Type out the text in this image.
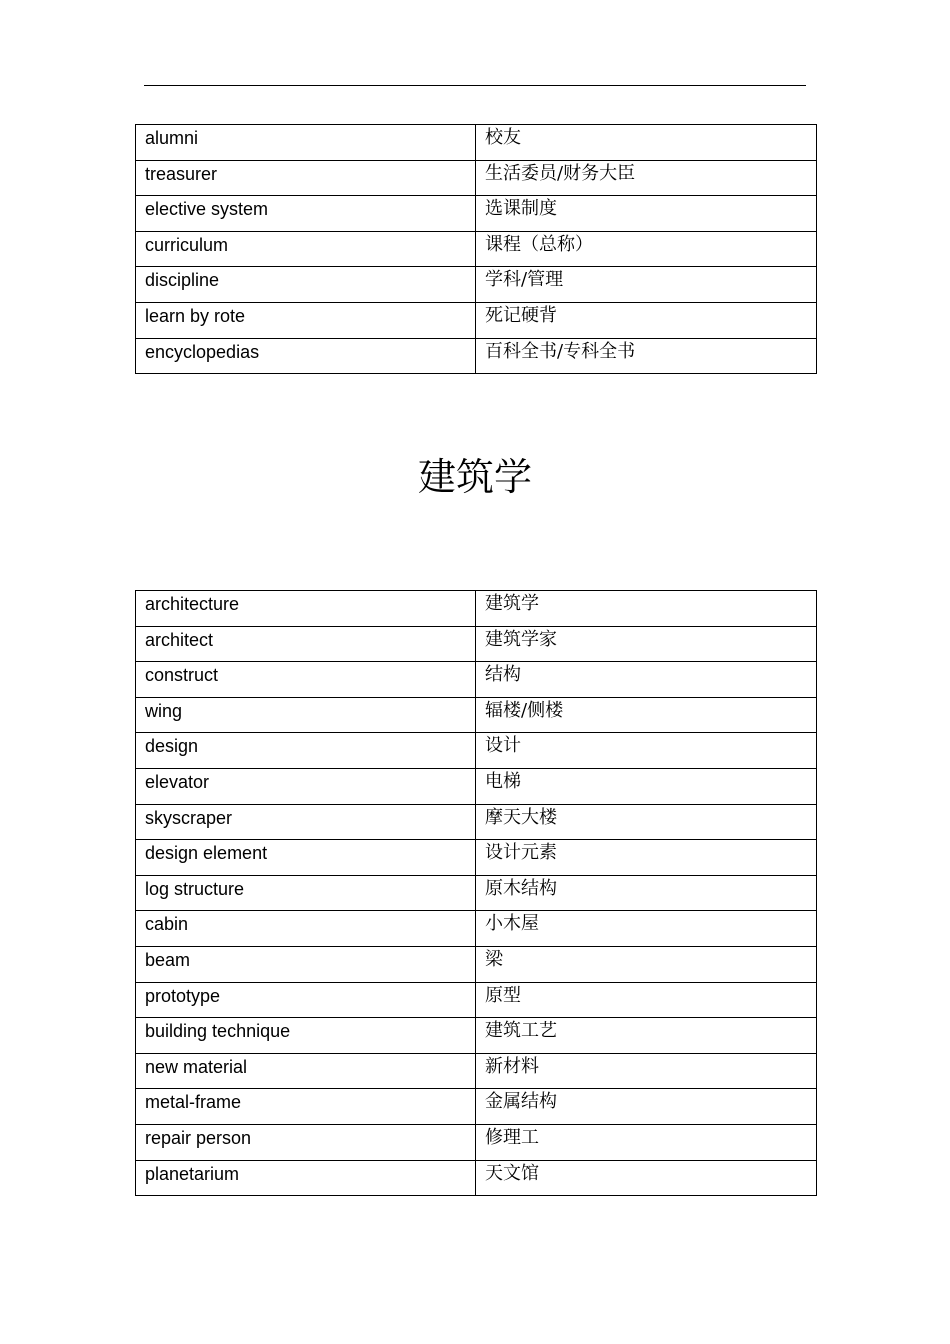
alumni	校友
treasurer	生活委员/财务大臣
elective system	选课制度
curriculum	课程（总称）
discipline	学科/管理
learn by rote	死记硬背
encyclopedias	百科全书/专科全书
建筑学
architecture	建筑学
architect	建筑学家
construct	结构
wing	辐楼/侧楼
design	设计
elevator	电梯
skyscraper	摩天大楼
design element	设计元素
log structure	原木结构
cabin	小木屋
beam	梁
prototype	原型
building technique	建筑工艺
new material	新材料
metal-frame	金属结构
repair person	修理工
planetarium	天文馆
